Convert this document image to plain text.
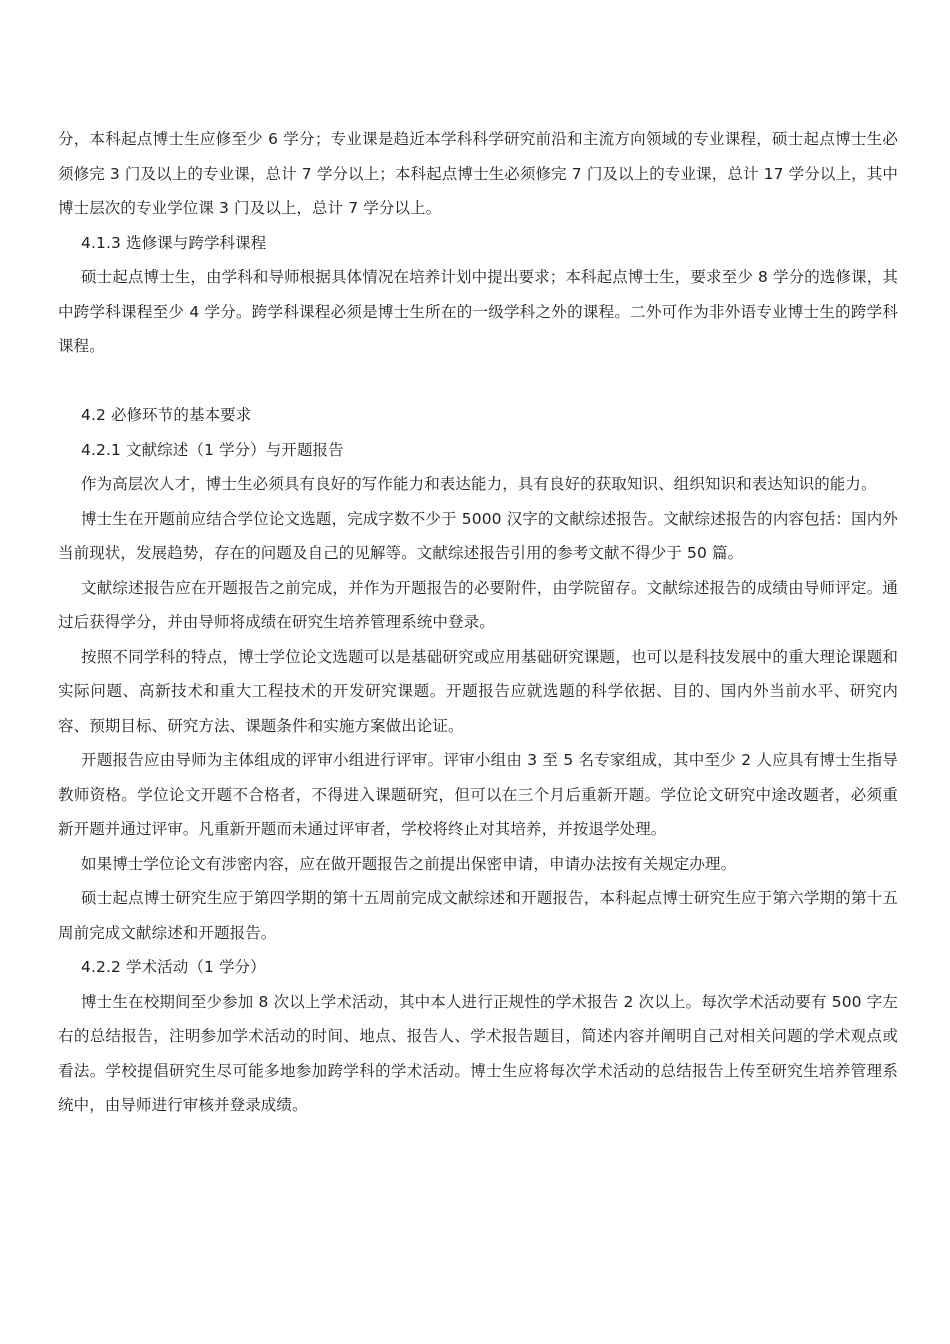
分，本科起点博士生应修至少 6 学分；专业课是趋近本学科科学研究前沿和主流方向领域的专业课程，硕士起点博士生必须修完 3 门及以上的专业课，总计 7 学分以上；本科起点博士生必须修完 7 门及以上的专业课，总计 17 学分以上，其中博士层次的专业学位课 3 门及以上，总计 7 学分以上。

4.1.3 选修课与跨学科课程

硕士起点博士生，由学科和导师根据具体情况在培养计划中提出要求；本科起点博士生，要求至少 8 学分的选修课，其中跨学科课程至少 4 学分。跨学科课程必须是博士生所在的一级学科之外的课程。二外可作为非外语专业博士生的跨学科课程。

4.2 必修环节的基本要求

4.2.1 文献综述（1 学分）与开题报告

作为高层次人才，博士生必须具有良好的写作能力和表达能力，具有良好的获取知识、组织知识和表达知识的能力。

博士生在开题前应结合学位论文选题，完成字数不少于 5000 汉字的文献综述报告。文献综述报告的内容包括：国内外当前现状，发展趋势，存在的问题及自己的见解等。文献综述报告引用的参考文献不得少于 50 篇。

文献综述报告应在开题报告之前完成，并作为开题报告的必要附件，由学院留存。文献综述报告的成绩由导师评定。通过后获得学分，并由导师将成绩在研究生培养管理系统中登录。

按照不同学科的特点，博士学位论文选题可以是基础研究或应用基础研究课题，也可以是科技发展中的重大理论课题和实际问题、高新技术和重大工程技术的开发研究课题。开题报告应就选题的科学依据、目的、国内外当前水平、研究内容、预期目标、研究方法、课题条件和实施方案做出论证。

开题报告应由导师为主体组成的评审小组进行评审。评审小组由 3 至 5 名专家组成，其中至少 2 人应具有博士生指导教师资格。学位论文开题不合格者，不得进入课题研究，但可以在三个月后重新开题。学位论文研究中途改题者，必须重新开题并通过评审。凡重新开题而未通过评审者，学校将终止对其培养，并按退学处理。

如果博士学位论文有涉密内容，应在做开题报告之前提出保密申请，申请办法按有关规定办理。

硕士起点博士研究生应于第四学期的第十五周前完成文献综述和开题报告，本科起点博士研究生应于第六学期的第十五周前完成文献综述和开题报告。

4.2.2 学术活动（1 学分）

博士生在校期间至少参加 8 次以上学术活动，其中本人进行正规性的学术报告 2 次以上。每次学术活动要有 500 字左右的总结报告，注明参加学术活动的时间、地点、报告人、学术报告题目，简述内容并阐明自己对相关问题的学术观点或看法。学校提倡研究生尽可能多地参加跨学科的学术活动。博士生应将每次学术活动的总结报告上传至研究生培养管理系统中，由导师进行审核并登录成绩。
